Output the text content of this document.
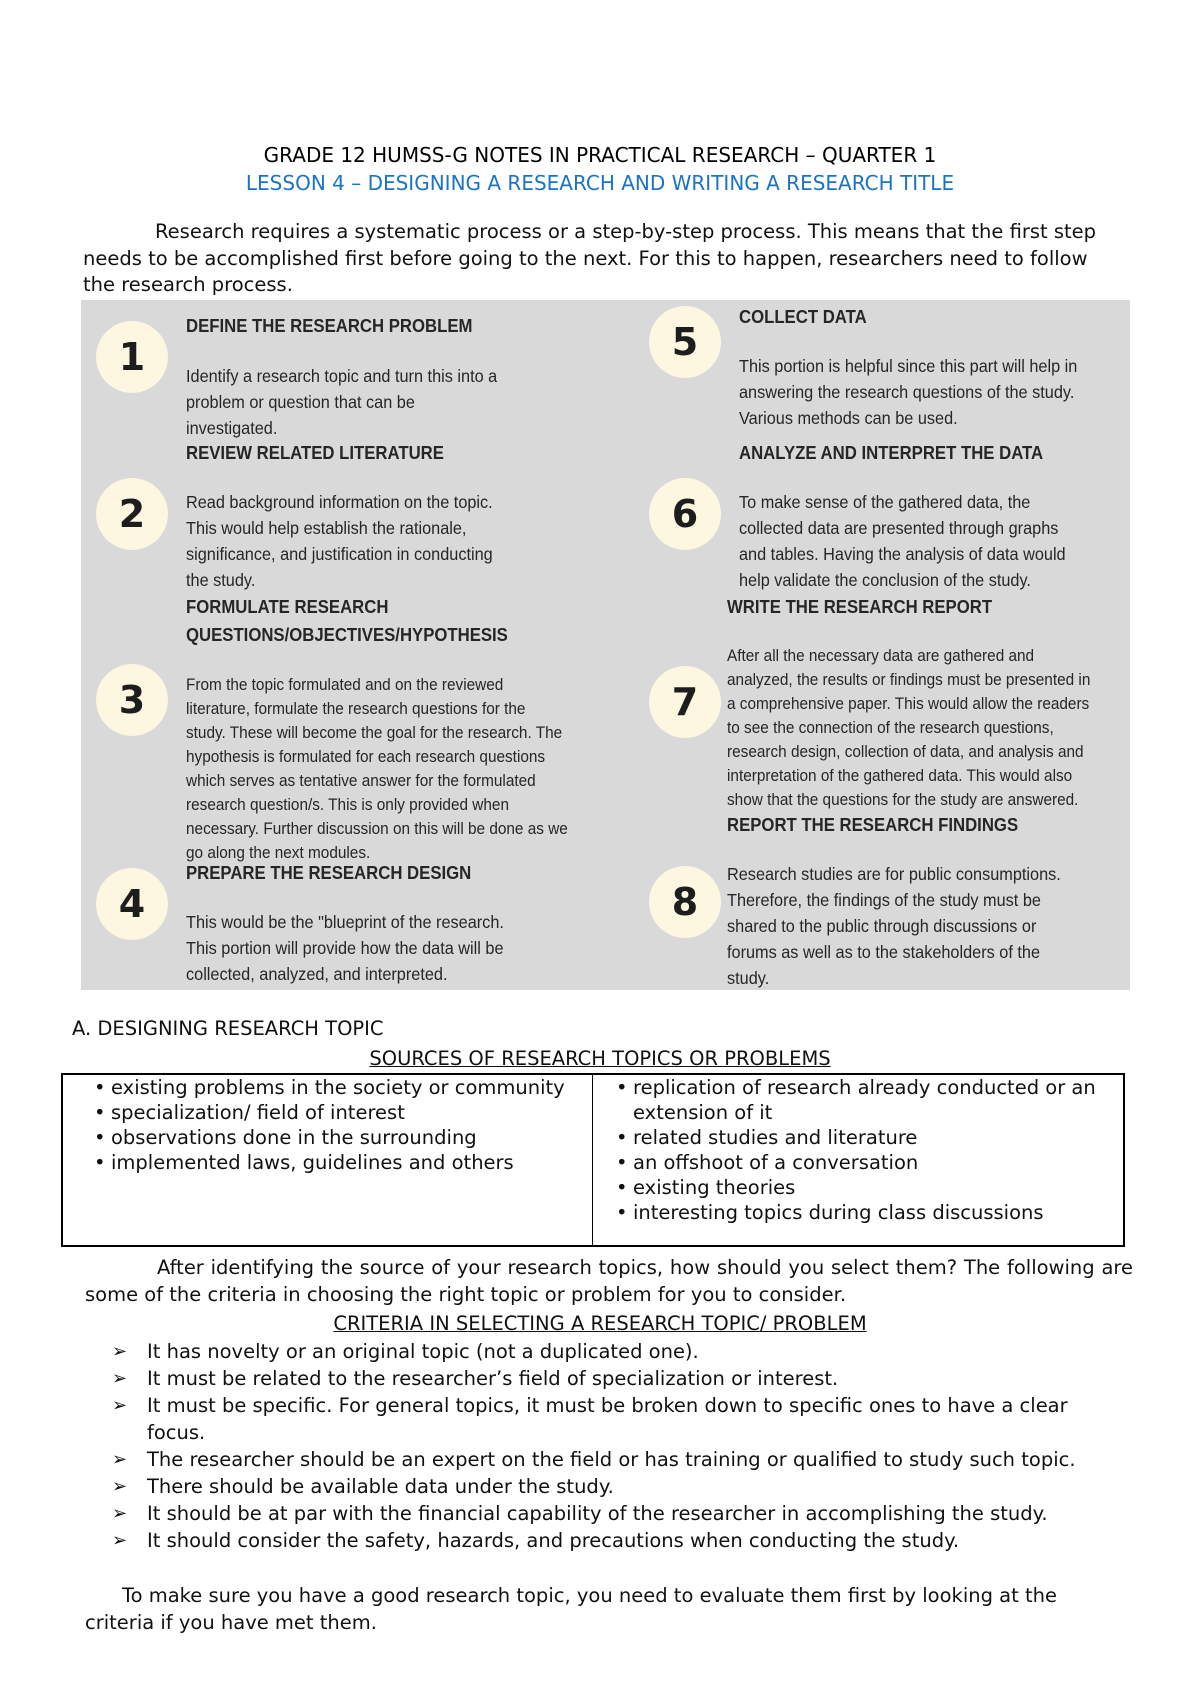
GRADE 12 HUMSS-G NOTES IN PRACTICAL RESEARCH – QUARTER 1
LESSON 4 – DESIGNING A RESEARCH AND WRITING A RESEARCH TITLE
Research requires a systematic process or a step-by-step process. This means that the first step needs to be accomplished first before going to the next. For this to happen, researchers need to follow the research process.
1
DEFINE THE RESEARCH PROBLEM
Identify a research topic and turn this into a
problem or question that can be
investigated.
2
REVIEW RELATED LITERATURE
Read background information on the topic.
This would help establish the rationale,
significance, and justification in conducting
the study.
3
FORMULATE RESEARCH
QUESTIONS/OBJECTIVES/HYPOTHESIS
From the topic formulated and on the reviewed
literature, formulate the research questions for the
study. These will become the goal for the research. The
hypothesis is formulated for each research questions
which serves as tentative answer for the formulated
research question/s. This is only provided when
necessary. Further discussion on this will be done as we
go along the next modules.
4
PREPARE THE RESEARCH DESIGN
This would be the "blueprint of the research.
This portion will provide how the data will be
collected, analyzed, and interpreted.
5
COLLECT DATA
This portion is helpful since this part will help in
answering the research questions of the study.
Various methods can be used.
6
ANALYZE AND INTERPRET THE DATA
To make sense of the gathered data, the
collected data are presented through graphs
and tables. Having the analysis of data would
help validate the conclusion of the study.
7
WRITE THE RESEARCH REPORT
After all the necessary data are gathered and
analyzed, the results or findings must be presented in
a comprehensive paper. This would allow the readers
to see the connection of the research questions,
research design, collection of data, and analysis and
interpretation of the gathered data. This would also
show that the questions for the study are answered.
8
REPORT THE RESEARCH FINDINGS
Research studies are for public consumptions.
Therefore, the findings of the study must be
shared to the public through discussions or
forums as well as to the stakeholders of the
study.
A. DESIGNING RESEARCH TOPIC
SOURCES OF RESEARCH TOPICS OR PROBLEMS
• existing problems in the society or community
• specialization/ field of interest
• observations done in the surrounding
• implemented laws, guidelines and others
• replication of research already conducted or an extension of it
• related studies and literature
• an offshoot of a conversation
• existing theories
• interesting topics during class discussions
After identifying the source of your research topics, how should you select them? The following are some of the criteria in choosing the right topic or problem for you to consider.
CRITERIA IN SELECTING A RESEARCH TOPIC/ PROBLEM
➢ It has novelty or an original topic (not a duplicated one).
➢ It must be related to the researcher’s field of specialization or interest.
➢ It must be specific. For general topics, it must be broken down to specific ones to have a clear focus.
➢ The researcher should be an expert on the field or has training or qualified to study such topic.
➢ There should be available data under the study.
➢ It should be at par with the financial capability of the researcher in accomplishing the study.
➢ It should consider the safety, hazards, and precautions when conducting the study.
To make sure you have a good research topic, you need to evaluate them first by looking at the criteria if you have met them.
